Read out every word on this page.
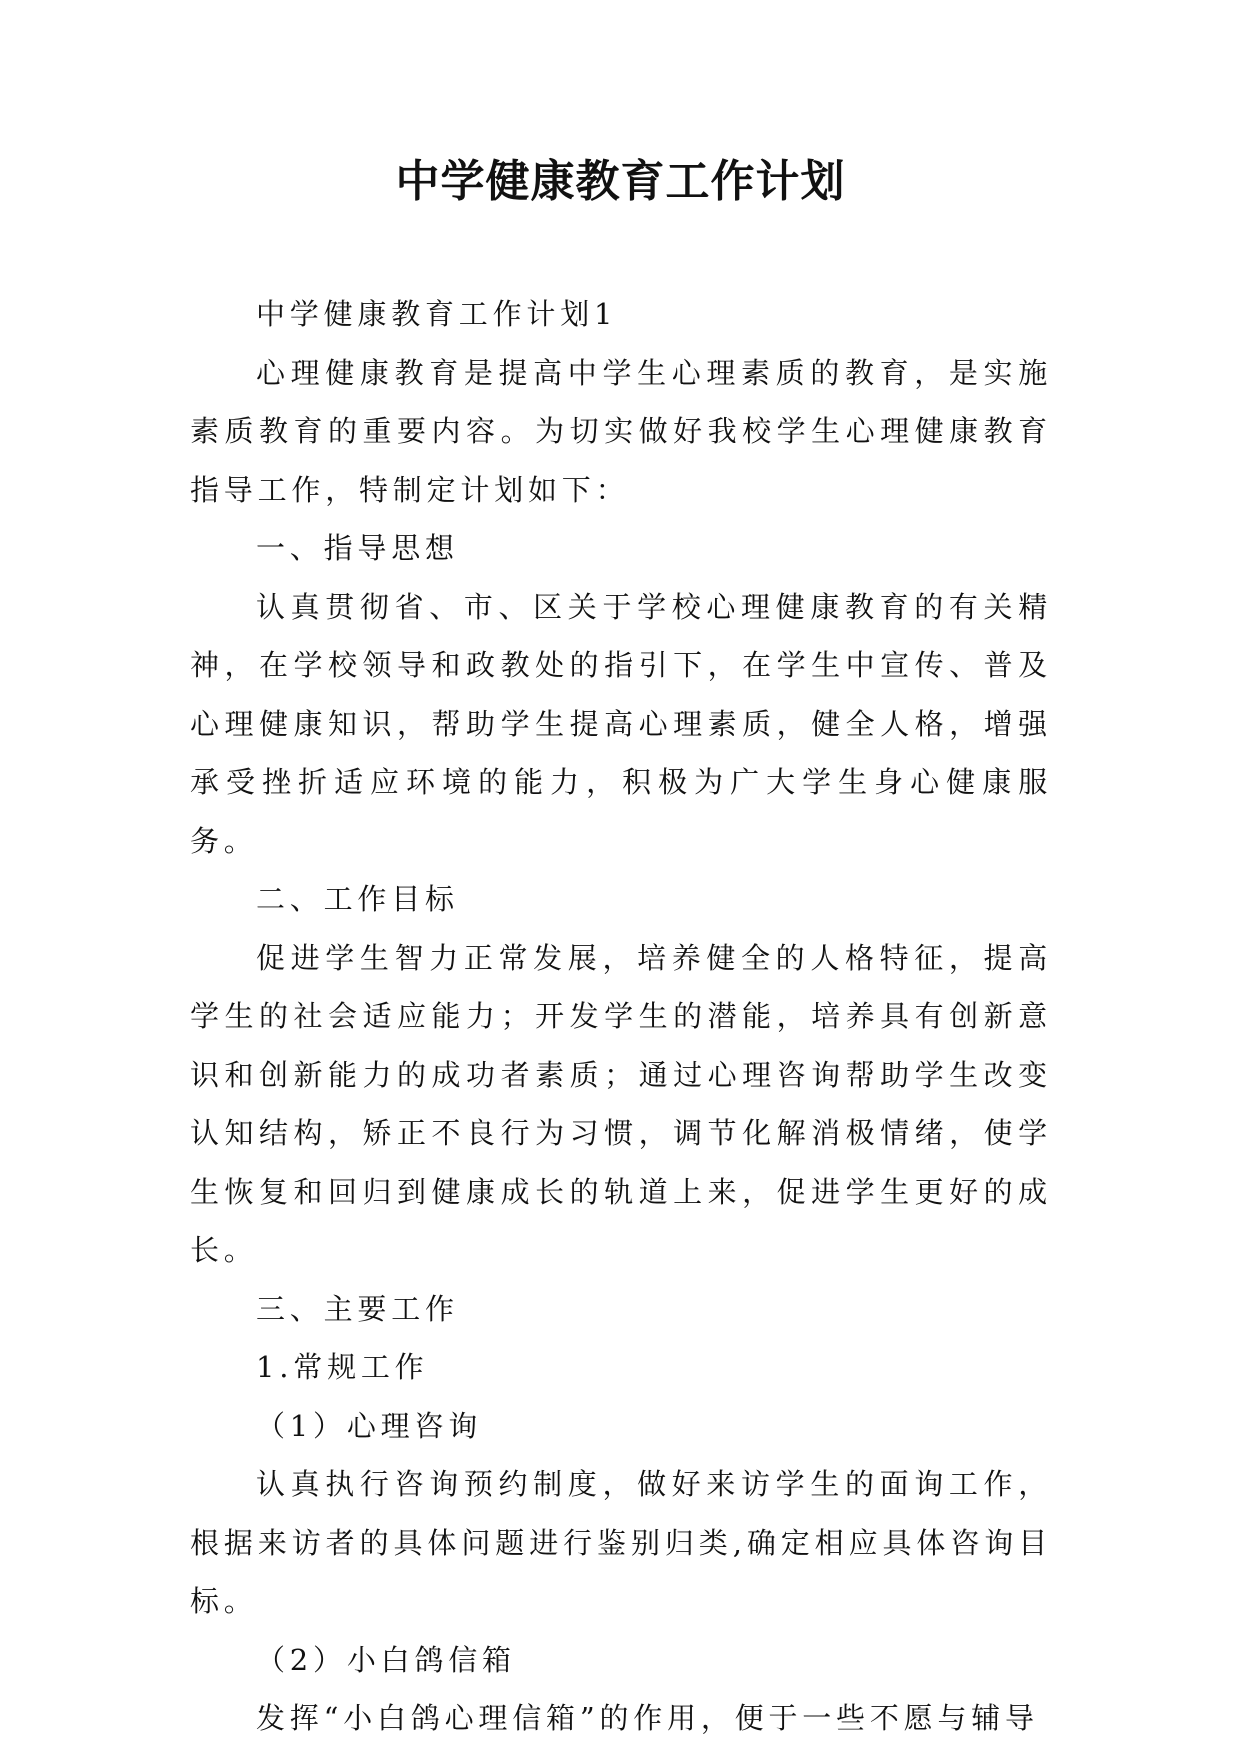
中学健康教育工作计划

中学健康教育工作计划1

心理健康教育是提高中学生心理素质的教育，是实施素质教育的重要内容。为切实做好我校学生心理健康教育指导工作，特制定计划如下：

一、指导思想

认真贯彻省、市、区关于学校心理健康教育的有关精神，在学校领导和政教处的指引下，在学生中宣传、普及心理健康知识，帮助学生提高心理素质，健全人格，增强承受挫折适应环境的能力，积极为广大学生身心健康服务。

二、工作目标

促进学生智力正常发展，培养健全的人格特征，提高学生的社会适应能力；开发学生的潜能，培养具有创新意识和创新能力的成功者素质；通过心理咨询帮助学生改变认知结构，矫正不良行为习惯，调节化解消极情绪，使学生恢复和回归到健康成长的轨道上来，促进学生更好的成长。

三、主要工作

1.常规工作

（1）心理咨询

认真执行咨询预约制度，做好来访学生的面询工作，根据来访者的具体问题进行鉴别归类,确定相应具体咨询目标。

（2）小白鸽信箱

发挥“小白鸽心理信箱”的作用，便于一些不愿与辅导
